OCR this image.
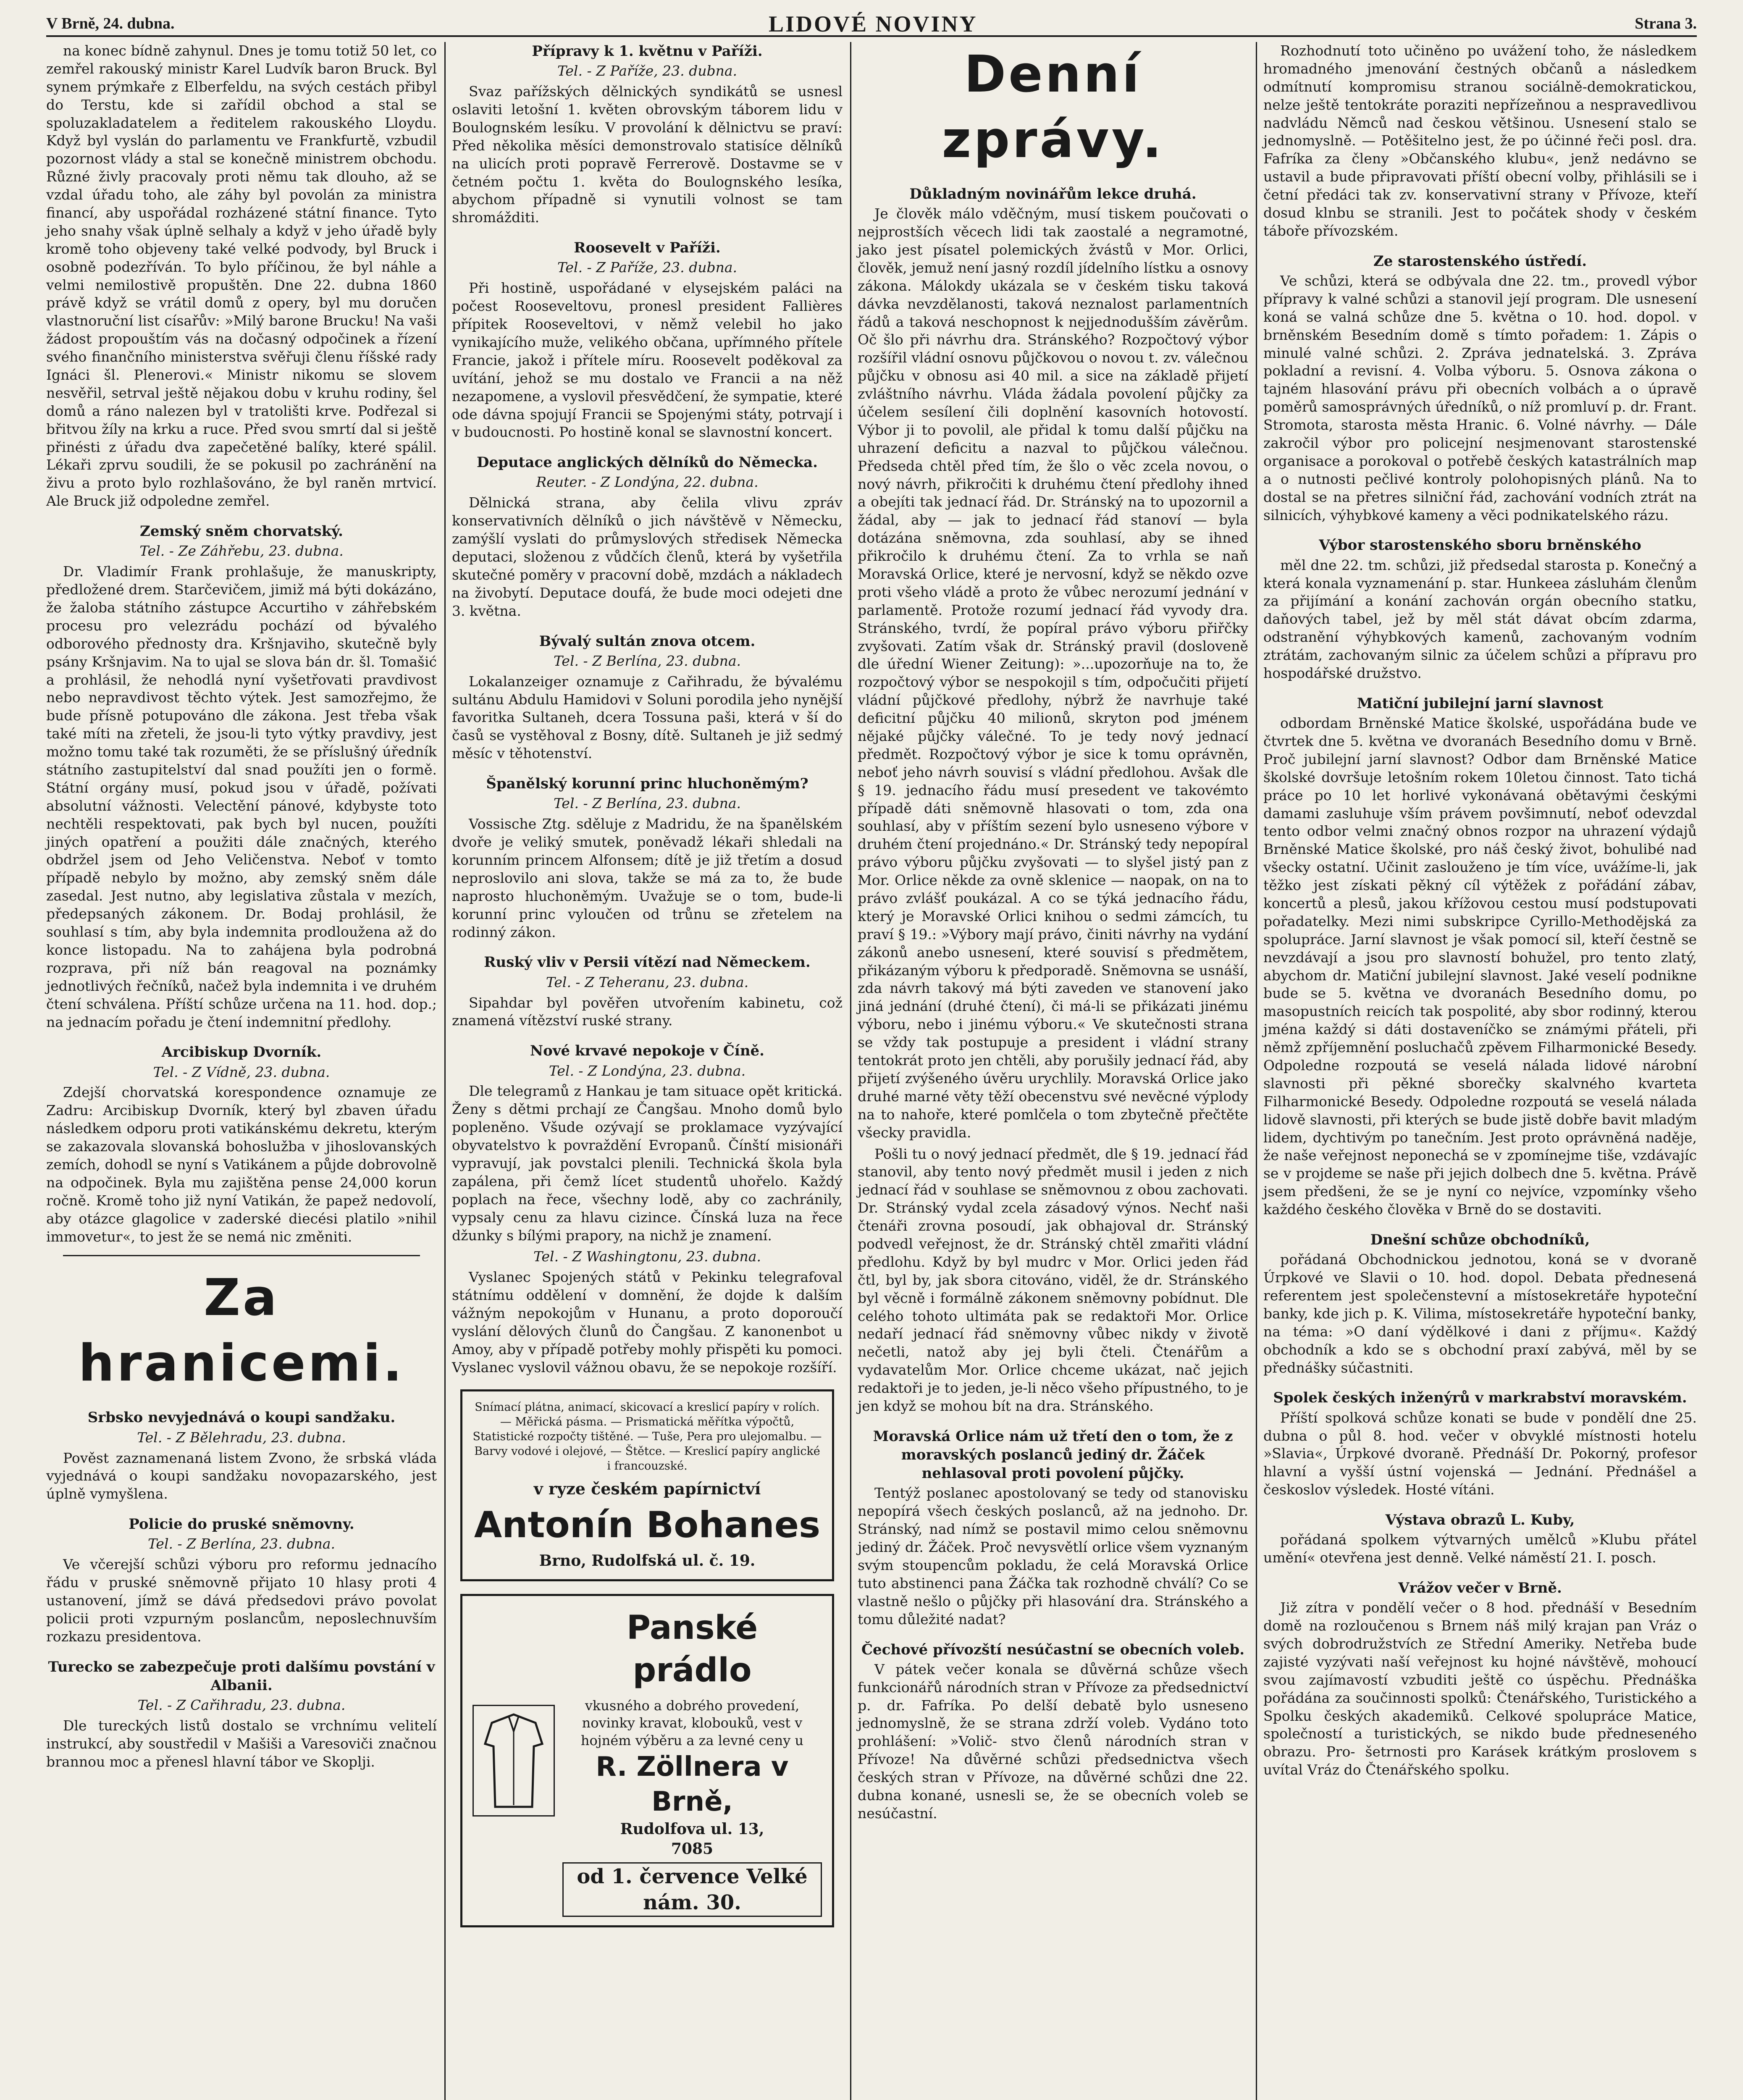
V Brně, 24. dubna.	LIDOVÉ NOVINY	Strana 3.

na konec bídně zahynul. Dnes je tomu totiž 50 let, co zemřel rakouský ministr Karel Ludvík baron Bruck. Byl synem prýmkaře z Elberfeldu, na svých cestách přibyl do Terstu, kde si zařídil obchod a stal se spoluzakladatelem a ředitelem rakouského Lloydu. Když byl vyslán do parlamentu ve Frankfurtě, vzbudil pozornost vlády a stal se konečně ministrem obchodu. Různé živly pracovaly proti němu tak dlouho, až se vzdal úřadu toho, ale záhy byl povolán za ministra financí, aby uspořádal rozházené státní finance. Tyto jeho snahy však úplně selhaly a když v jeho úřadě byly kromě toho objeveny také velké podvody, byl Bruck i osobně podezříván. To bylo příčinou, že byl náhle a velmi nemilostivě propuštěn. Dne 22. dubna 1860 právě když se vrátil domů z opery, byl mu doručen vlastnoruční list císařův: »Milý barone Brucku! Na vaši žádost propouštím vás na dočasný odpočinek a řízení svého finančního ministerstva svěřuji členu říšské rady Ignáci šl. Plenerovi.« Ministr nikomu se slovem nesvěřil, setrval ještě nějakou dobu v kruhu rodiny, šel domů a ráno nalezen byl v tratolišti krve. Podřezal si břitvou žíly na krku a ruce. Před svou smrtí dal si ještě přinésti z úřadu dva zapečetěné balíky, které spálil. Lékaři zprvu soudili, že se pokusil po zachránění na živu a proto bylo rozhlašováno, že byl raněn mrtvicí. Ale Bruck již odpoledne zemřel.

Zemský sněm chorvatský.
Tel. - Ze Záhřebu, 23. dubna.

Dr. Vladimír Frank prohlašuje, že manuskripty, předložené drem. Starčevičem, jimiž má býti dokázáno, že žaloba státního zástupce Accurtiho v záhřebském procesu pro velezrádu pochází od bývalého odborového přednosty dra. Kršnjaviho, skutečně byly psány Kršnjavim. Na to ujal se slova bán dr. šl. Tomašić a prohlásil, že nehodlá nyní vyšetřovati pravdivost nebo nepravdivost těchto výtek. Jest samozřejmo, že bude přísně potupováno dle zákona. Jest třeba však také míti na zřeteli, že jsou-li tyto výtky pravdivy, jest možno tomu také tak rozuměti, že se příslušný úředník státního zastupitelství dal snad použíti jen o formě. Státní orgány musí, pokud jsou v úřadě, požívati absolutní vážnosti. Velectění pánové, kdybyste toto nechtěli respektovati, pak bych byl nucen, použíti jiných opatření a použiti dále značných, kterého obdržel jsem od Jeho Veličenstva. Neboť v tomto případě nebylo by možno, aby zemský sněm dále zasedal. Jest nutno, aby legislativa zůstala v mezích, předepsaných zákonem. Dr. Bodaj prohlásil, že souhlasí s tím, aby byla indemnita prodloužena až do konce listopadu. Na to zahájena byla podrobná rozprava, při níž bán reagoval na poznámky jednotlivých řečníků, načež byla indemnita i ve druhém čtení schválena. Příští schůze určena na 11. hod. dop.; na jednacím pořadu je čtení indemnitní předlohy.

Arcibiskup Dvorník.
Tel. - Z Vídně, 23. dubna.

Zdejší chorvatská korespondence oznamuje ze Zadru: Arcibiskup Dvorník, který byl zbaven úřadu následkem odporu proti vatikánskému dekretu, kterým se zakazovala slovanská bohoslužba v jihoslovanských zemích, dohodl se nyní s Vatikánem a půjde dobrovolně na odpočinek. Byla mu zajištěna pense 24,000 korun ročně. Kromě toho již nyní Vatikán, že papež nedovolí, aby otázce glagolice v zaderské diecési platilo »nihil immovetur«, to jest že se nemá nic změniti.

Za hranicemi.
Srbsko nevyjednává o koupi sandžaku.
Tel. - Z Bělehradu, 23. dubna.

Pověst zaznamenaná listem Zvono, že srbská vláda vyjednává o koupi sandžaku novopazarského, jest úplně vymyšlena.

Policie do pruské sněmovny.
Tel. - Z Berlína, 23. dubna.

Ve včerejší schůzi výboru pro reformu jednacího řádu v pruské sněmovně přijato 10 hlasy proti 4 ustanovení, jímž se dává předsedovi právo povolat policii proti vzpurným poslancům, neposlechnuvším rozkazu presidentova.

Turecko se zabezpečuje proti dalšímu povstání v Albanii.
Tel. - Z Cařihradu, 23. dubna.

Dle tureckých listů dostalo se vrchnímu velitelí instrukcí, aby soustředil v Mašiši a Varesoviči značnou brannou moc a přenesl hlavní tábor ve Skoplji.

Přípravy k 1. květnu v Paříži.
Tel. - Z Paříže, 23. dubna.

Svaz pařížských dělnických syndikátů se usnesl oslaviti letošní 1. květen obrovským táborem lidu v Boulognském lesíku. V provolání k dělnictvu se praví: Před několika měsíci demonstrovalo statisíce dělníků na ulicích proti popravě Ferrerově. Dostavme se v četném počtu 1. květa do Boulognského lesíka, abychom případně si vynutili volnost se tam shromážditi.

Roosevelt v Paříži.
Tel. - Z Paříže, 23. dubna.

Při hostině, uspořádané v elysejském paláci na počest Rooseveltovu, pronesl president Fallières přípitek Rooseveltovi, v němž velebil ho jako vynikajícího muže, velikého občana, upřímného přítele Francie, jakož i přítele míru. Roosevelt poděkoval za uvítání, jehož se mu dostalo ve Francii a na něž nezapomene, a vyslovil přesvědčení, že sympatie, které ode dávna spojují Francii se Spojenými státy, potrvají i v budoucnosti. Po hostině konal se slavnostní koncert.

Deputace anglických dělníků do Německa.
Reuter. - Z Londýna, 22. dubna.

Dělnická strana, aby čelila vlivu zpráv konservativních dělníků o jich návštěvě v Německu, zamýšlí vyslati do průmyslových středisek Německa deputaci, složenou z vůdčích členů, která by vyšetřila skutečné poměry v pracovní době, mzdách a nákladech na živobytí. Deputace doufá, že bude moci odejeti dne 3. května.

Bývalý sultán znova otcem.
Tel. - Z Berlína, 23. dubna.

Lokalanzeiger oznamuje z Cařihradu, že bývalému sultánu Abdulu Hamidovi v Soluni porodila jeho nynější favoritka Sultaneh, dcera Tossuna paši, která v ší do časů se vystěhoval z Bosny, dítě. Sultaneh je již sedmý měsíc v těhotenství.

Španělský korunní princ hluchoněmým?
Tel. - Z Berlína, 23. dubna.

Vossische Ztg. sděluje z Madridu, že na španělském dvoře je veliký smutek, poněvadž lékaři shledali na korunním princem Alfonsem; dítě je již třetím a dosud neproslovilo ani slova, takže se má za to, že bude naprosto hluchoněmým. Uvažuje se o tom, bude-li korunní princ vyloučen od trůnu se zřetelem na rodinný zákon.

Ruský vliv v Persii vítězí nad Německem.
Tel. - Z Teheranu, 23. dubna.

Sipahdar byl pověřen utvořením kabinetu, což znamená vítězství ruské strany.

Nové krvavé nepokoje v Číně.
Tel. - Z Londýna, 23. dubna.

Dle telegramů z Hankau je tam situace opět kritická. Ženy s dětmi prchají ze Čangšau. Mnoho domů bylo popleněno. Všude ozývají se proklamace vyzývající obyvatelstvo k povraždění Evropanů. Čínští misionáři vypravují, jak povstalci plenili. Technická škola byla zapálena, při čemž lícet studentů uhořelo. Každý poplach na řece, všechny lodě, aby co zachránily, vypsaly cenu za hlavu cizince. Čínská luza na řece džunky s bílými prapory, na nichž je znamení.

Tel. - Z Washingtonu, 23. dubna.

Vyslanec Spojených států v Pekinku telegrafoval státnímu oddělení v domnění, že dojde k dalším vážným nepokojům v Hunanu, a proto doporoučí vyslání dělových člunů do Čangšau. Z kanonenbot u Amoy, aby v případě potřeby mohly přispěti ku pomoci. Vyslanec vyslovil vážnou obavu, že se nepokoje rozšíří.

Snímací plátna, animací, skicovací a kreslicí papíry v rolích. — Měřická pásma. — Prismatická měřítka výpočtů, Statistické rozpočty tištěné. — Tuše, Pera pro ulejomalbu. — Barvy vodové i olejové, — Štětce. — Kreslicí papíry anglické i francouzské.
v ryze českém papírnictví
Antonín Bohanes
Brno, Rudolfská ul. č. 19.
Panské prádlo
vkusného a dobrého provedení, novinky kravat, klobouků, vest v hojném výběru a za levné ceny u
R. Zöllnera v Brně,
Rudolfova ul. 13,
7085
od 1. července Velké nám. 30.
Denní zprávy.
Důkladným novinářům lekce druhá.

Je člověk málo vděčným, musí tiskem poučovati o nejprostších věcech lidi tak zaostalé a negramotné, jako jest písatel polemických žvástů v Mor. Orlici, člověk, jemuž není jasný rozdíl jídelního lístku a osnovy zákona. Málokdy ukázala se v českém tisku taková dávka nevzdělanosti, taková neznalost parlamentních řádů a taková neschopnost k nejjednodušším závěrům. Oč šlo při návrhu dra. Stránského? Rozpočtový výbor rozšířil vládní osnovu půjčkovou o novou t. zv. válečnou půjčku v obnosu asi 40 mil. a sice na základě přijetí zvláštního návrhu. Vláda žádala povolení půjčky za účelem sesílení čili doplnění kasovních hotovostí. Výbor ji to povolil, ale přidal k tomu další půjčku na uhrazení deficitu a nazval to půjčkou válečnou. Předseda chtěl před tím, že šlo o věc zcela novou, o nový návrh, přikročiti k druhému čtení předlohy ihned a obejíti tak jednací řád. Dr. Stránský na to upozornil a žádal, aby — jak to jednací řád stanoví — byla dotázána sněmovna, zda souhlasí, aby se ihned přikročilo k druhému čtení. Za to vrhla se naň Moravská Orlice, které je nervosní, když se někdo ozve proti všeho vládě a proto že vůbec nerozumí jednání v parlamentě. Protože rozumí jednací řád vyvody dra. Stránského, tvrdí, že popíral právo výboru přiřčky zvyšovati. Zatím však dr. Stránský pravil (dosloveně dle úřední Wiener Zeitung): »...upozorňuje na to, že rozpočtový výbor se nespokojil s tím, odpočučiti přijetí vládní půjčkové předlohy, nýbrž že navrhuje také deficitní půjčku 40 milionů, skryton pod jménem nějaké půjčky válečné. To je tedy nový jednací předmět. Rozpočtový výbor je sice k tomu oprávněn, neboť jeho návrh souvisí s vládní předlohou. Avšak dle § 19. jednacího řádu musí presedent ve takovémto případě dáti sněmovně hlasovati o tom, zda ona souhlasí, aby v příštím sezení bylo usneseno výbore v druhém čtení projednáno.« Dr. Stránský tedy nepopíral právo výboru půjčku zvyšovati — to slyšel jistý pan z Mor. Orlice někde za ovně sklenice — naopak, on na to právo zvlášť poukázal. A co se týká jednacího řádu, který je Moravské Orlici knihou o sedmi zámcích, tu praví § 19.: »Výbory mají právo, činiti návrhy na vydání zákonů anebo usnesení, které souvisí s předmětem, přikázaným výboru k předporadě. Sněmovna se usnáší, zda návrh takový má býti zaveden ve stanovení jako jiná jednání (druhé čtení), či má-li se přikázati jinému výboru, nebo i jinému výboru.« Ve skutečnosti strana se vždy tak postupuje a president i vládní strany tentokrát proto jen chtěli, aby porušily jednací řád, aby přijetí zvýšeného úvěru urychlily. Moravská Orlice jako druhé marné věty těží obecenstvu své nevěcné výplody na to nahoře, které pomlčela o tom zbytečně přečtěte všecky pravidla.

Pošli tu o nový jednací předmět, dle § 19. jednací řád stanovil, aby tento nový předmět musil i jeden z nich jednací řád v souhlase se sněmovnou z obou zachovati. Dr. Stránský vydal zcela zásadový výnos. Nechť naši čtenáři zrovna posoudí, jak obhajoval dr. Stránský podvedl veřejnost, že dr. Stránský chtěl zmařiti vládní předlohu. Když by byl mudrc v Mor. Orlici jeden řád čtl, byl by, jak sbora citováno, viděl, že dr. Stránského byl věcně i formálně zákonem sněmovny pobídnut. Dle celého tohoto ultimáta pak se redaktoři Mor. Orlice nedaří jednací řád sněmovny vůbec nikdy v životě nečetli, natož aby jej byli čteli. Čtenářům a vydavatelům Mor. Orlice chceme ukázat, nač jejich redaktoři je to jeden, je-li něco všeho přípustného, to je jen když se mohou bít na dra. Stránského.

Moravská Orlice nám už třetí den o tom, že z moravských poslanců jediný dr. Žáček nehlasoval proti povolení půjčky.

Tentýž poslanec apostolovaný se tedy od stanovisku nepopírá všech českých poslanců, až na jednoho. Dr. Stránský, nad nímž se postavil mimo celou sněmovnu jediný dr. Žáček. Proč nevysvětlí orlice všem vyznaným svým stoupencům pokladu, že celá Moravská Orlice tuto abstinenci pana Žáčka tak rozhodně chválí? Co se vlastně nešlo o půjčky při hlasování dra. Stránského a tomu důležité nadat?

Čechové přívozští nesúčastní se obecních voleb.

V pátek večer konala se důvěrná schůze všech funkcionářů národních stran v Přívoze za předsednictví p. dr. Fafríka. Po delší debatě bylo usneseno jednomyslně, že se strana zdrží voleb. Vydáno toto prohlášení: »Volič- stvo členů národních stran v Přívoze! Na důvěrné schůzi předsednictva všech českých stran v Přívoze, na důvěrné schůzi dne 22. dubna konané, usnesli se, že se obecních voleb se nesúčastní.

Rozhodnutí toto učiněno po uvážení toho, že následkem hromadného jmenování čestných občanů a následkem odmítnutí kompromisu stranou sociálně-demokratickou, nelze ještě tentokráte poraziti nepřízeňnou a nespravedlivou nadvládu Němců nad českou většinou. Usnesení stalo se jednomyslně. — Potěšitelno jest, že po účinné řeči posl. dra. Fafríka za členy »Občanského klubu«, jenž nedávno se ustavil a bude připravovati příští obecní volby, přihlásili se i četní předáci tak zv. konservativní strany v Přívoze, kteří dosud klnbu se stranili. Jest to počátek shody v českém táboře přívozském.

Ze starostenského ústředí.

Ve schůzi, která se odbývala dne 22. tm., provedl výbor přípravy k valné schůzi a stanovil její program. Dle usnesení koná se valná schůze dne 5. května o 10. hod. dopol. v brněnském Besedním domě s tímto pořadem: 1. Zápis o minulé valné schůzi. 2. Zpráva jednatelská. 3. Zpráva pokladní a revisní. 4. Volba výboru. 5. Osnova zákona o tajném hlasování právu při obecních volbách a o úpravě poměrů samosprávných úředníků, o níž promluví p. dr. Frant. Stromota, starosta města Hranic. 6. Volné návrhy. — Dále zakročil výbor pro policejní nesjmenovant starostenské organisace a porokoval o potřebě českých katastrálních map a o nutnosti pečlivé kontroly polohopisných plánů. Na to dostal se na přetres silniční řád, zachování vodních ztrát na silnicích, výhybkové kameny a věci podnikatelského rázu.

Výbor starostenského sboru brněnského

měl dne 22. tm. schůzi, již předsedal starosta p. Konečný a která konala vyznamenání p. star. Hunkeea zásluhám členům za přijímání a konání zachován orgán obecního statku, daňových tabel, jež by měl stát dávat obcím zdarma, odstranění výhybkových kamenů, zachovaným vodním ztrátám, zachovaným silnic za účelem schůzi a přípravu pro hospodářské družstvo.

Matiční jubilejní jarní slavnost

odbordam Brněnské Matice školské, uspořádána bude ve čtvrtek dne 5. května ve dvoranách Besedního domu v Brně. Proč jubilejní jarní slavnost? Odbor dam Brněnské Matice školské dovršuje letošním rokem 10letou činnost. Tato tichá práce po 10 let horlivé vykonávaná obětavými českými damami zasluhuje vším právem povšimnutí, neboť odevzdal tento odbor velmi značný obnos rozpor na uhrazení výdajů Brněnské Matice školské, pro náš český život, bohulibé nad všecky ostatní. Učinit zaslouženo je tím více, uvážíme-li, jak těžko jest získati pěkný cíl výtěžek z pořádání zábav, koncertů a plesů, jakou křížovou cestou musí podstupovati pořadatelky. Mezi nimi subskripce Cyrillo-Methodějská za spolupráce. Jarní slavnost je však pomocí sil, kteří čestně se nevzdávají a jsou pro slavností bohužel, pro tento zlatý, abychom dr. Matiční jubilejní slavnost. Jaké veselí podnikne bude se 5. května ve dvoranách Besedního domu, po masopustních reicích tak pospolité, aby sbor rodinný, kterou jména každý si dáti dostaveníčko se známými přáteli, při němž zpříjemnění posluchačů zpěvem Filharmonické Besedy. Odpoledne rozpoutá se veselá nálada lidové nárobní slavnosti při pěkné sborečky skalvného kvarteta Filharmonické Besedy. Odpoledne rozpoutá se veselá nálada lidově slavnosti, při kterých se bude jistě dobře bavit mladým lidem, dychtivým po tanečním. Jest proto oprávněná naděje, že naše veřejnost neponechá se v zpomínejme tiše, vzdávajíc se v projdeme se naše při jejich dolbech dne 5. května. Právě jsem předšeni, že se je nyní co nejvíce, vzpomínky všeho každého českého člověka v Brně do se dostaviti.

Dnešní schůze obchodníků,

pořádaná Obchodnickou jednotou, koná se v dvoraně Úrpkové ve Slavii o 10. hod. dopol. Debata přednesená referentem jest společenstevní a místosekretáře hypoteční banky, kde jich p. K. Vilima, místosekretáře hypoteční banky, na téma: »O daní výdělkové i dani z příjmu«. Každý obchodník a kdo se s obchodní praxí zabývá, měl by se přednášky súčastniti.

Spolek českých inženýrů v markrabství moravském.

Příští spolková schůze konati se bude v pondělí dne 25. dubna o půl 8. hod. večer v obvyklé místnosti hotelu »Slavia«, Úrpkové dvoraně. Přednáší Dr. Pokorný, profesor hlavní a vyšší ústní vojenská — Jednání. Přednášel a českoslov výsledek. Hosté vítáni.

Výstava obrazů L. Kuby,

pořádaná spolkem výtvarných umělců »Klubu přátel umění« otevřena jest denně. Velké náměstí 21. I. posch.

Vrážov večer v Brně.

Již zítra v pondělí večer o 8 hod. přednáší v Besedním domě na rozloučenou s Brnem náš milý krajan pan Vráz o svých dobrodružstvích ze Střední Ameriky. Netřeba bude zajisté vyzývati naší veřejnost ku hojné návštěvě, mohoucí svou zajímavostí vzbuditi ještě co úspěchu. Přednáška pořádána za součinnosti spolků: Čtenářského, Turistického a Spolku českých akademiků. Celkové spolupráce Matice, společností a turistických, se nikdo bude předneseného obrazu. Pro- šetrnosti pro Karásek krátkým proslovem s uvítal Vráz do Čtenářského spolku.
